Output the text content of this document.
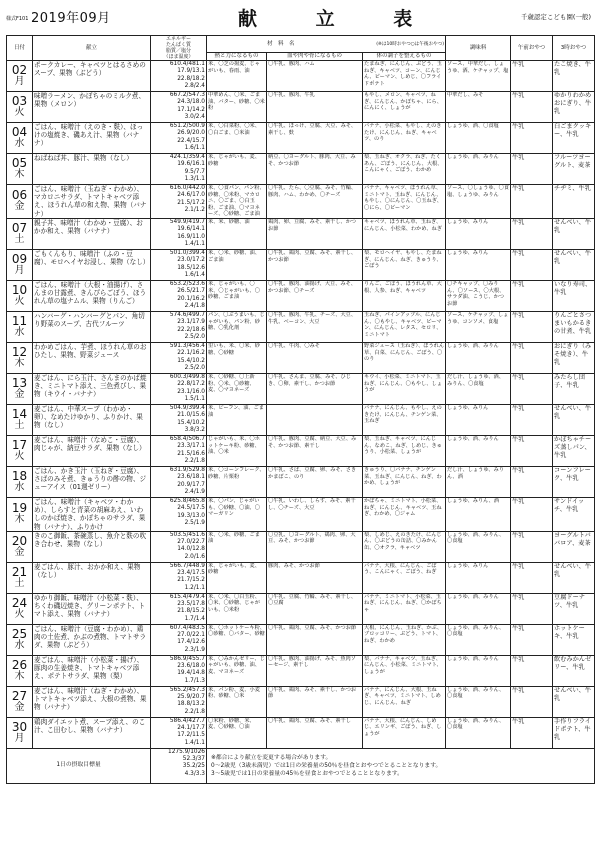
様式F101 2019年09月	献 立 表	千歳認定こども園(一般)
日付	献立	エネルギー
たんぱく質
脂質／塩分
（ほま温度）	材　料　名 (※は10時おやつ○は午後おやつ)			調味料	午前おやつ	3時おやつ
			熱と力になるもの	血や肉や骨になるもの	体の調子を整えるもの			

02
月	ポークカレー、キャベツとはるさめのスープ、果物（ぶどう）	610.4/481.1
17.9/13.1
22.8/18.2
2.8/2.4	米、〇芝の揚麦、じゃがいも、春雨、油	〇牛乳、豚肉、ハム	たまねぎ、にんじん、ぶどう、玉ねぎ、キャベツ、コーン、にんじん、ピーマン、しめじ、〇フライドポテト	ソース、中華だし、しょうゆ、酒、ケチャップ、塩	牛乳	たこ焼き、牛乳

03
火	味噌ラーメン、かぼちゃのミルク煮、果物（メロン）	667.2/547.3
24.3/18.0
17.1/14.2
3.0/2.4	中華めん、〇米、ごま油、バター、砂糖、〇米粉	〇牛乳、豚肉、牛乳	もやし、メロン、キャベツ、ねぎ、にんじん、かぼちゃ、にら、にんにく、しょうが	中華だし、みそ	牛乳	ゆかりわかめおにぎり、牛乳

04
水	ごはん、味噌汁（えのき・麩）、ほっけの塩焼き、磯あえ汁、果物（バナナ）	651.2/500.9
26.9/20.0
22.4/15.7
1.6/1.1	米、〇白菜粉、〇米、〇白ごま、〇米油	〇牛乳、ほっけ、豆腐、大豆、みそ、素干し、麩	バナナ、小松菜、もやし、えのきたけ、にんじん、ねぎ、キャベツ、のり	しょうゆ、酒、〇食塩	牛乳	白ごまクッキー、牛乳

05
木	ねばねば丼、豚汁、果物（なし）	424.1/359.4
19.6/16.1
9.5/7.7
1.3/1.1	米、じゃがいも、麦、砂糖	納豆、〇ヨーグルト、豚肉、大豆、みそ、かつお節	梨、玉ねぎ、オクラ、ねぎ、たくあん、ごぼう、にんじん、大根、こんにゃく、ごぼう、わかめ	しょうゆ、酒、みりん	牛乳	フルーツヨーグルト、麦茶

06
金	ごはん、味噌汁（玉ねぎ・わかめ）、マカロニサラダ、トマトキャベツ添え、ほうれん草の和え物、果物（バナナ）	616.0/442.0
24.6/17.0
21.5/17.2
2.1/1.2	米、〇食パン、パン粉、砂糖、〇米粉、マカロニ、〇ごま、〇白玉粉、ごま油、〇マヨネーズ、〇砂糖、ごま油	〇牛乳、たら、〇豆腐、みそ、竹輪、豚肉、ハム、わかめ、〇チーズ	バナナ、キャベツ、ほうれん草、ミニトマト、玉ねぎ、にんじん、もやし、〇にんじん、〇玉ねぎ、〇にら、〇ピーマン	ソース、〇しょうゆ、〇食塩、しょうゆ、みりん	牛乳	チヂミ、牛乳

07
土	親子丼、味噌汁（わかめ・豆腐）、おかか和え、果物（バナナ）	549.9/419.7
19.6/14.1
16.9/11.0
1.4/1.1	米、米、砂糖、油	鶏肉、卵、豆腐、みそ、素干し、かつお節	キャベツ、ほうれん草、玉ねぎ、にんじん、小松菜、わかめ、ねぎ	しょうゆ、みりん	牛乳	せんべい、牛乳

09
月	ごもくんもり、味噌汁（ふの・豆腐）、モロヘイヤお浸し、果物（なし）	501.0/399.4
23.0/17.2
18.5/12.6
1.6/1.4	米、〇米、砂糖、油、ごま油	〇牛乳、鶏肉、豆腐、みそ、素干し、かつお節	梨、モロヘイヤ、もやし、たまねぎ、にんじん、ねぎ、きゅうり、ごぼう	しょうゆ、みりん	牛乳	せんべい、牛乳

10
火	ごはん、味噌汁（大根・油揚げ）、さんまの甘露煮、きんぴらごぼう、ほうれん草の塩ナムル、果物（りんご）	653.2/523.6
26.5/21.7
20.1/16.2
2.4/1.8	米、じゃがいも、〇米、〇じゃがいも、〇砂糖、ごま油	〇牛乳、豚肉、油揚げ、大豆、みそ、かつお節、〇チーズ	りんご、ごぼう、ほうれん草、大根、人参、ねぎ、キャベツ	〇チキャップ、〇みりん、〇ソース、〇大根、サラダ油、こうじ、かつお節	牛乳	いなり寿司、牛乳

11
水	ハンバーグ・ハンバーグとパン、角切り野菜のスープ、古代フルーツ	574.6/499.7
23.1/17.9
22.2/18.6
2.5/2.0	パン、〇ぶうまいも、じゃがいも、パン粉、砂糖、〇乳化剤	〇牛乳、豚肉、牛乳、チーズ、大豆、牛乳、ベーコン、大豆	玉ねぎ、パインアップル、にんじん、〇もやし、キャベツ、ピーマン、にんじん、レタス、セロリ、ミニトマト	ソース、ケチャップ、しょうゆ、コンソメ、食塩	牛乳	りんごとさつまいもかるきの甘煮、牛乳

12
木	わかめごはん、芋煮、ほうれん草のおひたし、果物、野菜ジュース	591.3/456.4
22.1/16.2
15.4/10.2
2.5/2.0	里いも、米、〇米、砂糖、〇砂糖	〇牛乳、牛肉、〇みそ	野菜ジュース（玉ねぎ）、ほうれん草、白菜、にんじん、ごぼう、〇のり	しょうゆ、酒、みりん	牛乳	おにぎり（みそ焼き）、牛乳

13
金	麦ごはん、にら玉汁、さんまのかば焼き、ミニトマト添え、三色煮びし、果物（キウイ・バナナ）	600.3/499.8
22.8/17.2
23.1/16.0
1.5/1.1	米、〇砂糖、〇上新粉、〇米、〇砂糖、麦、〇マヨネーズ	〇牛乳、さんま、豆腐、みそ、ひじき、〇卵、素干し、かつお節	キウイ、小松菜、ミニトマト、玉ねぎ、にんじん、〇もやし、しょうが	だし汁、しょうゆ、酒、みりん、〇食塩	牛乳	みたらし団子、牛乳

14
土	麦ごはん、中華スープ（わかめ・卵）、なめたけゆかり、ふりかけ、果物（なし）	504.9/399.4
21.0/15.6
15.4/10.2
3.8/3.2	米、ビーフン、油、ごま油		バナナ、にんじん、もやし、えのきたけ、にんじん、チンゲン菜、玉ねぎ	しょうゆ、みりん	牛乳	せんべい、牛乳

17
火	麦ごはん、味噌汁（なめこ・豆腐）、肉じゃが、納豆サラダ、果物（なし）	658.4/506.7
23.3/17.1
21.5/16.6
2.2/1.8	じゃがいも、米、〇ホットケーキ粉、砂糖、油、〇米	〇牛乳、豚肉、豆腐、納豆、大豆、みそ、かつお節、素干し	梨、玉ねぎ、キャベツ、にんじん、なめこ、ねぎ、しめじ、きゅうり、小松菜、しょうが	しょうゆ、酒、みりん	牛乳	かぼちゃチーズ蒸しパン、牛乳

18
水	ごはん、かき玉汁（玉ねぎ・豆腐）、さばのみそ煮、きゅうりの酢の物、ジューアイス（01週ゼリー）	631.9/529.8
23.6/18.1
20.9/17.7
2.4/1.9	米、〇コーンフレーク、砂糖、片栗粉	〇牛乳、さば、豆腐、卵、みそ、さきかまぼこ、のり	きゅうり、〇バナナ、チンゲン菜、玉ねぎ、にんじん、ねぎ、わかめ、しょうが	だし汁、しょうゆ、みりん、酒	牛乳	コーンフレーク、牛乳

19
木	ごはん、味噌汁（キャベツ・わかめ）、しらすと青菜の胡麻あえ、いわしのかば焼き、かぼちゃのサラダ、果物（バナナ）、ふりかけ	625.8/465.8
24.5/17.5
19.3/13.0
2.5/1.9	米、〇パン、じゃがいも、〇砂糖、〇油、〇マーガリン	〇牛乳、いわし、しらす、みそ、素干し、〇チーズ、大豆	かぼちゃ、ミニトマト、小松菜、ねぎ、にんじん、キャベツ、玉ねぎ、わかめ、〇ジャム	しょうゆ、みりん、酒	牛乳	サンドイッチ、牛乳

20
金	きのこ御飯、茶碗蒸し、魚介と麩の吹き合わせ、果物（なし）	503.5/451.6
27.0/22.7
14.0/12.8
2.0/1.6	米、〇米、砂糖、ごま油	〇豆乳、〇ヨーグルト、鶏肉、卵、大豆、みそ、かつお節	梨、しめじ、えのきたけ、にんじん、〇ぶどうの缶詰、〇みかん缶、〇オクラ、キャベツ	しょうゆ、酒、みりん、〇食塩	牛乳	ヨーグルトババロア、麦茶

21
土	麦ごはん、豚汁、おかか和え、果物（なし）	566.7/448.9
23.4/17.5
21.7/15.2
1.2/1.1	米、じゃがいも、麦、砂糖	豚肉、みそ、かつお節	バナナ、大根、にんじん、ごぼう、こんにゃく、ごぼう、ねぎ	しょうゆ、みりん	牛乳	せんべい、牛乳

24
火	ゆかり御飯、味噌汁（小松菜・麩）、ちくわ磯辺焼き、グリーンポテト、トマト添え、果物（バナナ）	615.4/479.4
23.5/17.8
21.8/15.2
1.7/1.4	米、〇米、〇白玉粉、〇米、〇砂糖、じゃがいも、〇米粉	〇牛乳、豆腐、竹輪、みそ、素干し、〇豆腐	バナナ、ミニトマト、小松菜、玉ねぎ、にんじん、ねぎ、〇かぼちゃ	しょうゆ、酒、みりん	牛乳	豆腐ドーナツ、牛乳

25
水	ごはん、味噌汁（豆腐・わかめ）、鶏肉の土佐煮、かぶの煮物、トマトサラダ、果物（ぶどう）	607.4/483.5
27.0/22.1
17.4/12.6
2.3/1.9	米、〇ホットケーキ粉、〇砂糖、〇バター、砂糖	〇牛乳、鶏肉、豆腐、みそ、かつお節	大根、にんじん、玉ねぎ、かぶ、ブロッコリー、ぶどう、トマト、ねぎ、わかめ	しょうゆ、酒、みりん、〇食塩	牛乳	ホットケーキ、牛乳

26
木	麦ごはん、味噌汁（小松菜・揚げ）、豚肉の生姜焼き、トマトキャベツ添え、ポテトサラダ、果物（梨）	586.9/455.7
23.6/18.0
19.4/14.8
1.7/1.3	米、〇みかんゼリー、じゃがいも、砂糖、油、麦、マヨネーズ	〇牛乳、豚肉、油揚げ、みそ、魚肉ソーセージ、素干し	梨、バナナ、キャベツ、玉ねぎ、にんじん、小松菜、ミニトマト、しょうが	しょうゆ、酒、みりん	牛乳	飲むみかんゼリー、牛乳

27
金	麦ごはん、味噌汁（ねぎ・わかめ）、トマトキャベツ添え、大根の煮物、果物（バナナ）	565.2/457.3
25.9/20.7
18.8/13.2
2.2/1.8	米、パン粉、麦、小麦粉、砂糖、〇米	〇牛乳、鶏肉、みそ、素干し、かつお節	バナナ、にんじん、大根、玉ねぎ、キャベツ、ミニトマト、しめじ、にんじん、ねぎ	しょうゆ、酒、みりん、〇食塩	牛乳	せんべい、牛乳

30
月	鶏肉ダイエット煮、スープ添え、のこ汁、こ田むし、果物（バナナ）	586.4/427.7
24.1/17.7
17.2/11.5
1.4/1.1	〇米粉、砂糖、米、麦、〇砂糖、〇油	〇牛乳、鶏肉、豆腐、みそ、素干し	バナナ、大根、にんじん、しめじ、エリンギ、ごぼう、ねぎ、しょうが	しょうゆ、酒、みりん、〇食塩	牛乳	手作りフライドポテト、牛乳
1日の摂取目標量		1275.9/1026
52.3/37
35.2/25
4.3/3.3	※都合により献立を変更する場合があります。
0〜2歳児（3歳未満児）では1日の栄養量の50％を昼食とおやつでとることとなります。
3〜5歳児では1日の栄養量の45％を昼食とおやつでとることとなります。					
